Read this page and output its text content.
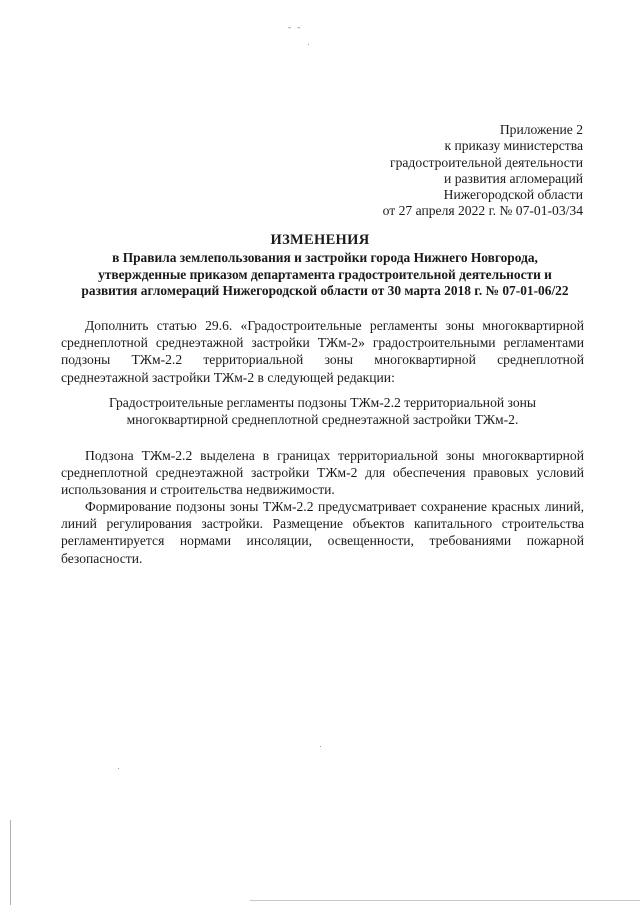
‑ ‑
Приложение 2
к приказу министерства
градостроительной деятельности
и развития агломераций
Нижегородской области
от 27 апреля 2022 г. № 07-01-03/34
ИЗМЕНЕНИЯ
в Правила землепользования и застройки города Нижнего Новгорода,
утвержденные приказом департамента градостроительной деятельности и
развития агломераций Нижегородской области от 30 марта 2018 г. № 07-01-06/22
Дополнить статью 29.6. «Градостроительные регламенты зоны многоквартирной среднеплотной среднеэтажной застройки ТЖм-2» градостроительными регламентами подзоны ТЖм-2.2 территориальной зоны многоквартирной среднеплотной среднеэтажной застройки ТЖм-2 в следующей редакции:
Градостроительные регламенты подзоны ТЖм-2.2 территориальной зоны
многоквартирной среднеплотной среднеэтажной застройки ТЖм-2.
Подзона ТЖм-2.2 выделена в границах территориальной зоны многоквартирной среднеплотной среднеэтажной застройки ТЖм-2 для обеспечения правовых условий использования и строительства недвижимости.
Формирование подзоны зоны ТЖм-2.2 предусматривает сохранение красных линий, линий регулирования застройки. Размещение объектов капитального строительства регламентируется нормами инсоляции, освещенности, требованиями пожарной безопасности.
